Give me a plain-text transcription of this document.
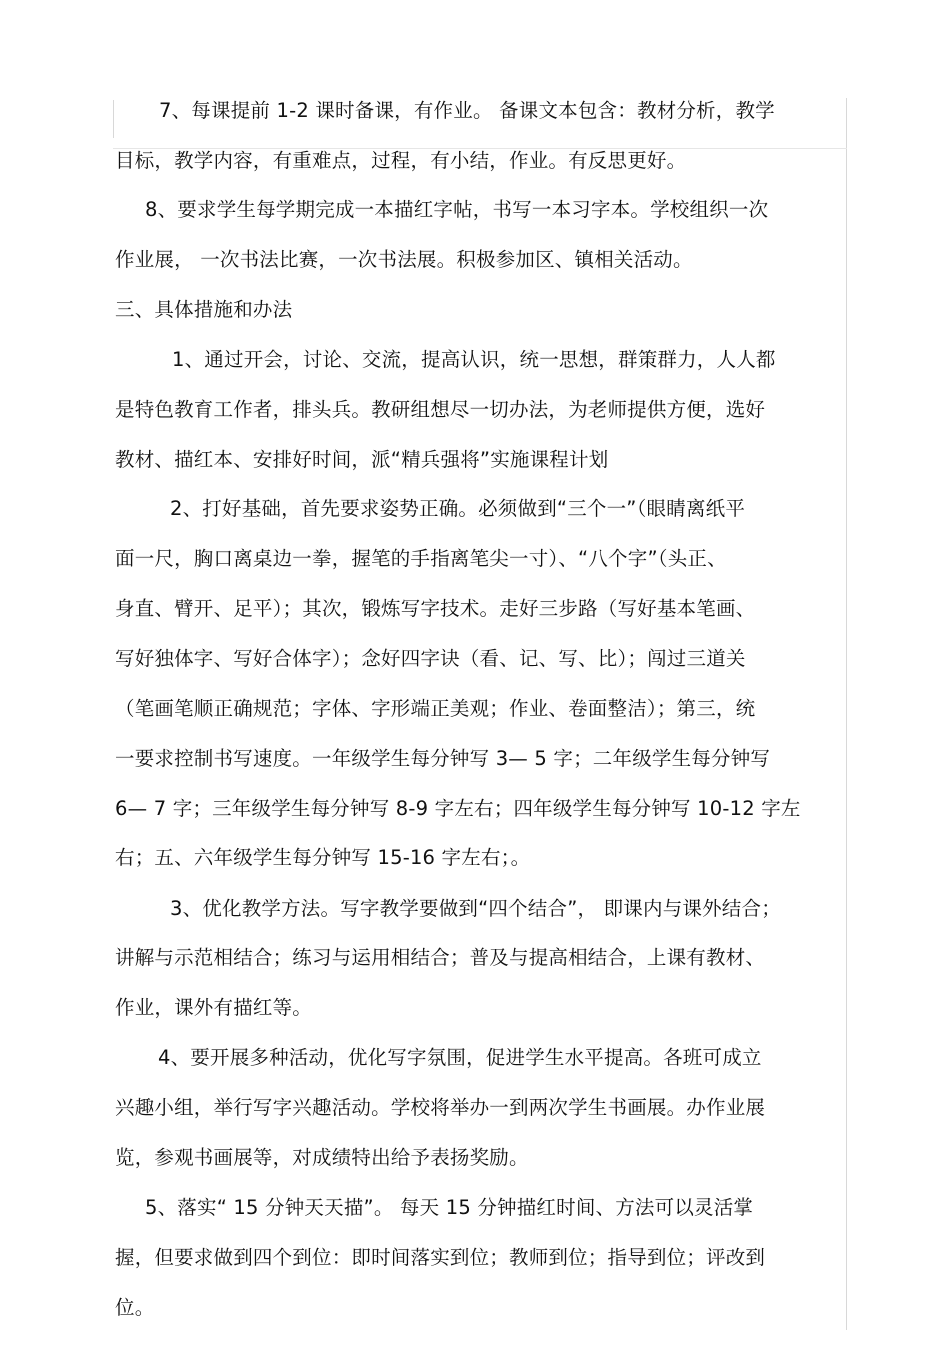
7、每课提前 1-2 课时备课，有作业。 备课文本包含：教材分析，教学
目标，教学内容，有重难点，过程，有小结，作业。有反思更好。
8、要求学生每学期完成一本描红字帖，书写一本习字本。学校组织一次
作业展， 一次书法比赛，一次书法展。积极参加区、镇相关活动。
三、具体措施和办法
1、通过开会，讨论、交流，提高认识，统一思想，群策群力，人人都
是特色教育工作者，排头兵。教研组想尽一切办法，为老师提供方便，选好
教材、描红本、安排好时间，派“精兵强将”实施课程计划
2、打好基础，首先要求姿势正确。必须做到“三个一”（眼睛离纸平
面一尺，胸口离桌边一拳，握笔的手指离笔尖一寸）、“八个字”（头正、
身直、臂开、足平）；其次，锻炼写字技术。走好三步路（写好基本笔画、
写好独体字、写好合体字）；念好四字诀（看、记、写、比）；闯过三道关
（笔画笔顺正确规范；字体、字形端正美观；作业、卷面整洁）；第三，统
一要求控制书写速度。一年级学生每分钟写 3— 5 字；二年级学生每分钟写
6— 7 字；三年级学生每分钟写 8-9 字左右；四年级学生每分钟写 10-12 字左
右；五、六年级学生每分钟写 15-16 字左右；。
3、优化教学方法。写字教学要做到“四个结合”， 即课内与课外结合；
讲解与示范相结合；练习与运用相结合；普及与提高相结合，上课有教材、
作业，课外有描红等。
4、要开展多种活动，优化写字氛围，促进学生水平提高。各班可成立
兴趣小组，举行写字兴趣活动。学校将举办一到两次学生书画展。办作业展
览，参观书画展等，对成绩特出给予表扬奖励。
5、落实“ 15 分钟天天描”。 每天 15 分钟描红时间、方法可以灵活掌
握，但要求做到四个到位：即时间落实到位；教师到位；指导到位；评改到
位。
